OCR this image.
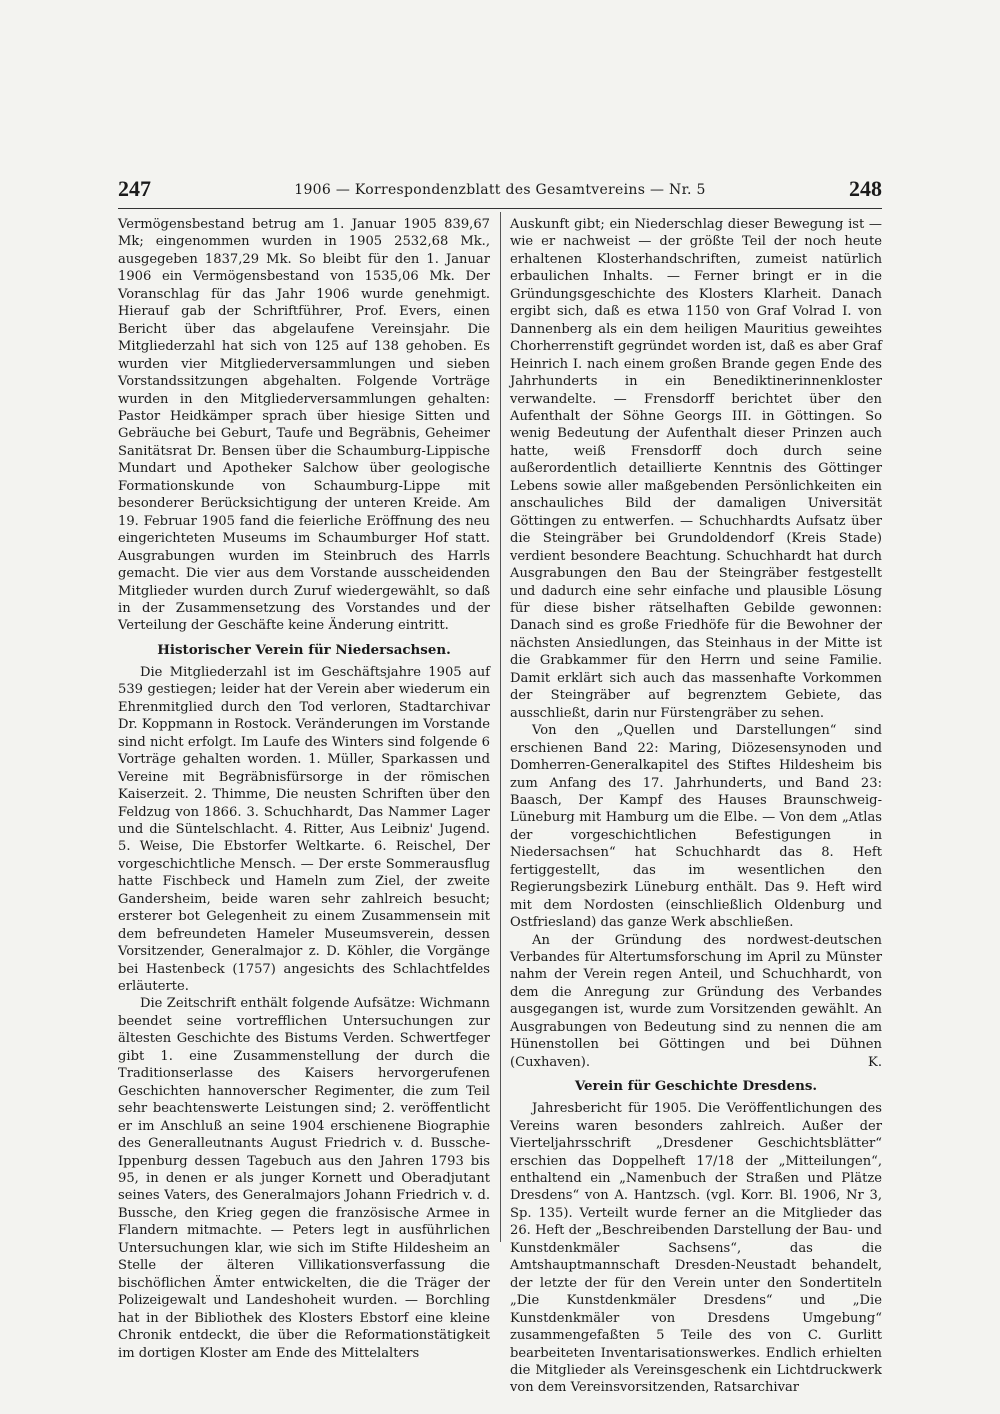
247	1906 — Korrespondenzblatt des Gesamtvereins — Nr. 5	248

Vermögensbestand betrug am 1. Januar 1905 839,67 Mk; eingenommen wurden in 1905 2532,68 Mk., ausgegeben 1837,29 Mk. So bleibt für den 1. Januar 1906 ein Vermögensbestand von 1535,06 Mk. Der Voranschlag für das Jahr 1906 wurde genehmigt. Hierauf gab der Schriftführer, Prof. Evers, einen Bericht über das abgelaufene Vereinsjahr. Die Mitgliederzahl hat sich von 125 auf 138 gehoben. Es wurden vier Mitgliederversammlungen und sieben Vorstandssitzungen abgehalten. Folgende Vorträge wurden in den Mitgliederversammlungen gehalten: Pastor Heidkämper sprach über hiesige Sitten und Gebräuche bei Geburt, Taufe und Begräbnis, Geheimer Sanitätsrat Dr. Bensen über die Schaumburg-Lippische Mundart und Apotheker Salchow über geologische Formationskunde von Schaumburg-Lippe mit besonderer Berücksichtigung der unteren Kreide. Am 19. Februar 1905 fand die feierliche Eröffnung des neu eingerichteten Museums im Schaumburger Hof statt. Ausgrabungen wurden im Steinbruch des Harrls gemacht. Die vier aus dem Vorstande ausscheidenden Mitglieder wurden durch Zuruf wiedergewählt, so daß in der Zusammensetzung des Vorstandes und der Verteilung der Geschäfte keine Änderung eintritt.

Historischer Verein für Niedersachsen.

Die Mitgliederzahl ist im Geschäftsjahre 1905 auf 539 gestiegen; leider hat der Verein aber wiederum ein Ehrenmitglied durch den Tod verloren, Stadtarchivar Dr. Koppmann in Rostock. Veränderungen im Vorstande sind nicht erfolgt. Im Laufe des Winters sind folgende 6 Vorträge gehalten worden. 1. Müller, Sparkassen und Vereine mit Begräbnisfürsorge in der römischen Kaiserzeit. 2. Thimme, Die neusten Schriften über den Feldzug von 1866. 3. Schuchhardt, Das Nammer Lager und die Süntelschlacht. 4. Ritter, Aus Leibniz' Jugend. 5. Weise, Die Ebstorfer Weltkarte. 6. Reischel, Der vorgeschichtliche Mensch. — Der erste Sommerausflug hatte Fischbeck und Hameln zum Ziel, der zweite Gandersheim, beide waren sehr zahlreich besucht; ersterer bot Gelegenheit zu einem Zusammensein mit dem befreundeten Hameler Museumsverein, dessen Vorsitzender, Generalmajor z. D. Köhler, die Vorgänge bei Hastenbeck (1757) angesichts des Schlachtfeldes erläuterte.

Die Zeitschrift enthält folgende Aufsätze: Wichmann beendet seine vortrefflichen Untersuchungen zur ältesten Geschichte des Bistums Verden. Schwertfeger gibt 1. eine Zusammenstellung der durch die Traditionserlasse des Kaisers hervorgerufenen Geschichten hannoverscher Regimenter, die zum Teil sehr beachtenswerte Leistungen sind; 2. veröffentlicht er im Anschluß an seine 1904 erschienene Biographie des Generalleutnants August Friedrich v. d. Bussche-Ippenburg dessen Tagebuch aus den Jahren 1793 bis 95, in denen er als junger Kornett und Oberadjutant seines Vaters, des Generalmajors Johann Friedrich v. d. Bussche, den Krieg gegen die französische Armee in Flandern mitmachte. — Peters legt in ausführlichen Untersuchungen klar, wie sich im Stifte Hildesheim an Stelle der älteren Villikationsverfassung die bischöflichen Ämter entwickelten, die die Träger der Polizeigewalt und Landeshoheit wurden. — Borchling hat in der Bibliothek des Klosters Ebstorf eine kleine Chronik entdeckt, die über die Reformationstätigkeit im dortigen Kloster am Ende des Mittelalters

Auskunft gibt; ein Niederschlag dieser Bewegung ist — wie er nachweist — der größte Teil der noch heute erhaltenen Klosterhandschriften, zumeist natürlich erbaulichen Inhalts. — Ferner bringt er in die Gründungsgeschichte des Klosters Klarheit. Danach ergibt sich, daß es etwa 1150 von Graf Volrad I. von Dannenberg als ein dem heiligen Mauritius geweihtes Chorherrenstift gegründet worden ist, daß es aber Graf Heinrich I. nach einem großen Brande gegen Ende des Jahrhunderts in ein Benediktinerinnenkloster verwandelte. — Frensdorff berichtet über den Aufenthalt der Söhne Georgs III. in Göttingen. So wenig Bedeutung der Aufenthalt dieser Prinzen auch hatte, weiß Frensdorff doch durch seine außerordentlich detaillierte Kenntnis des Göttinger Lebens sowie aller maßgebenden Persönlichkeiten ein anschauliches Bild der damaligen Universität Göttingen zu entwerfen. — Schuchhardts Aufsatz über die Steingräber bei Grundoldendorf (Kreis Stade) verdient besondere Beachtung. Schuchhardt hat durch Ausgrabungen den Bau der Steingräber festgestellt und dadurch eine sehr einfache und plausible Lösung für diese bisher rätselhaften Gebilde gewonnen: Danach sind es große Friedhöfe für die Bewohner der nächsten Ansiedlungen, das Steinhaus in der Mitte ist die Grabkammer für den Herrn und seine Familie. Damit erklärt sich auch das massenhafte Vorkommen der Steingräber auf begrenztem Gebiete, das ausschließt, darin nur Fürstengräber zu sehen.

Von den „Quellen und Darstellungen“ sind erschienen Band 22: Maring, Diözesensynoden und Domherren-Generalkapitel des Stiftes Hildesheim bis zum Anfang des 17. Jahrhunderts, und Band 23: Baasch, Der Kampf des Hauses Braunschweig-Lüneburg mit Hamburg um die Elbe. — Von dem „Atlas der vorgeschichtlichen Befestigungen in Niedersachsen“ hat Schuchhardt das 8. Heft fertiggestellt, das im wesentlichen den Regierungsbezirk Lüneburg enthält. Das 9. Heft wird mit dem Nordosten (einschließlich Oldenburg und Ostfriesland) das ganze Werk abschließen.

An der Gründung des nordwest-deutschen Verbandes für Altertumsforschung im April zu Münster nahm der Verein regen Anteil, und Schuchhardt, von dem die Anregung zur Gründung des Verbandes ausgegangen ist, wurde zum Vorsitzenden gewählt. An Ausgrabungen von Bedeutung sind zu nennen die am Hünenstollen bei Göttingen und bei Dühnen (Cuxhaven).	K.

Verein für Geschichte Dresdens.

Jahresbericht für 1905. Die Veröffentlichungen des Vereins waren besonders zahlreich. Außer der Vierteljahrsschrift „Dresdener Geschichtsblätter“ erschien das Doppelheft 17/18 der „Mitteilungen“, enthaltend ein „Namenbuch der Straßen und Plätze Dresdens“ von A. Hantzsch. (vgl. Korr. Bl. 1906, Nr 3, Sp. 135). Verteilt wurde ferner an die Mitglieder das 26. Heft der „Beschreibenden Darstellung der Bau- und Kunstdenkmäler Sachsens“, das die Amtshauptmannschaft Dresden-Neustadt behandelt, der letzte der für den Verein unter den Sondertiteln „Die Kunstdenkmäler Dresdens“ und „Die Kunstdenkmäler von Dresdens Umgebung“ zusammengefaßten 5 Teile des von C. Gurlitt bearbeiteten Inventarisationswerkes. Endlich erhielten die Mitglieder als Vereinsgeschenk ein Lichtdruckwerk von dem Vereinsvorsitzenden, Ratsarchivar
